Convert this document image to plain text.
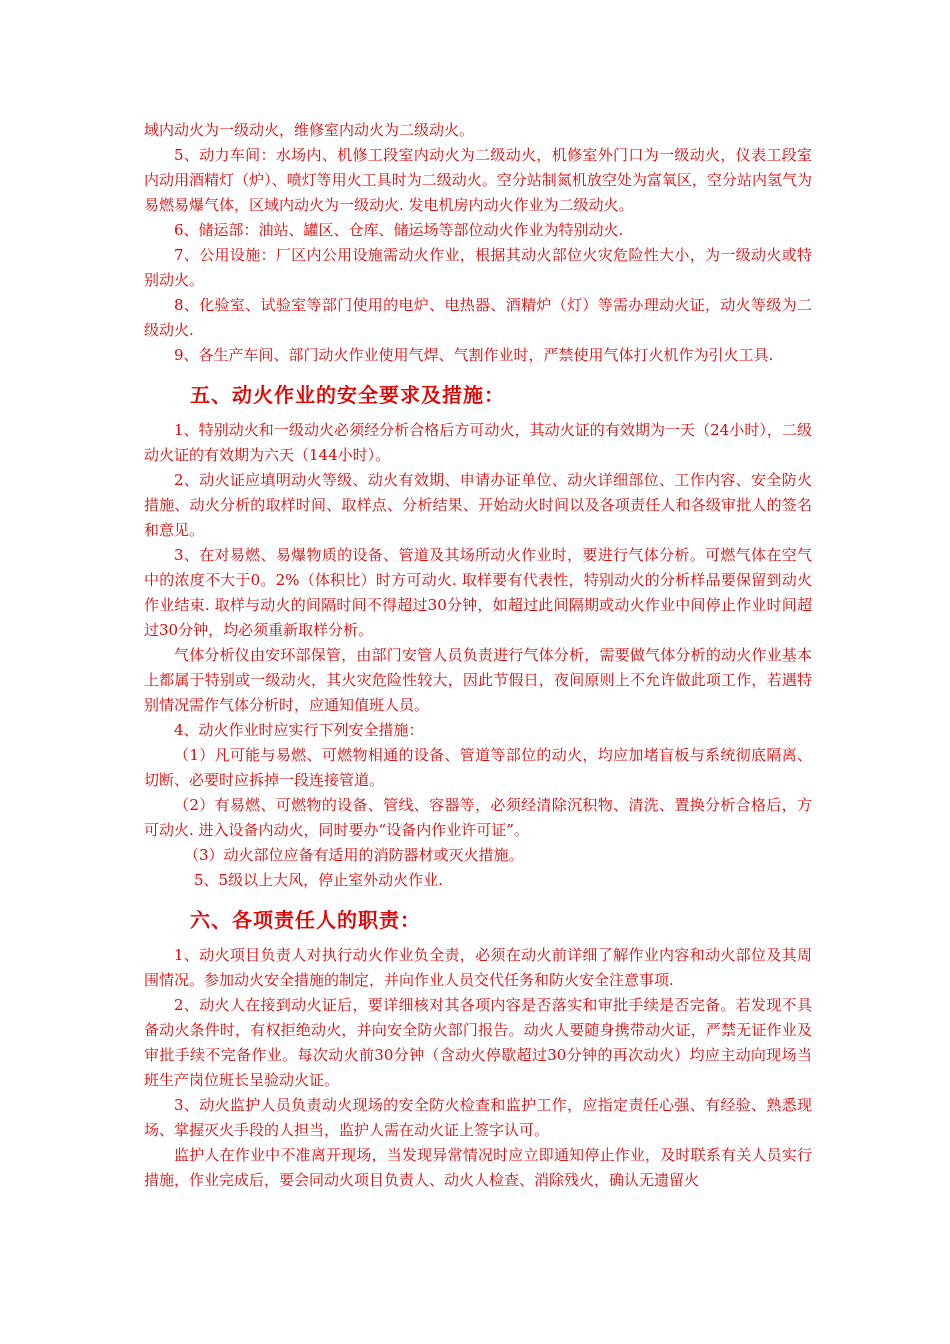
域内动火为一级动火，维修室内动火为二级动火。

5、动力车间：水场内、机修工段室内动火为二级动火，机修室外门口为一级动火，仪表工段室内动用酒精灯（炉）、喷灯等用火工具时为二级动火。空分站制氮机放空处为富氧区，空分站内氢气为易燃易爆气体，区域内动火为一级动火. 发电机房内动火作业为二级动火。

6、储运部：油站、罐区、仓库、储运场等部位动火作业为特别动火.

7、公用设施：厂区内公用设施需动火作业，根据其动火部位火灾危险性大小，为一级动火或特别动火。

8、化验室、试验室等部门使用的电炉、电热器、酒精炉（灯）等需办理动火证，动火等级为二级动火.

9、各生产车间、部门动火作业使用气焊、气割作业时，严禁使用气体打火机作为引火工具.

五、动火作业的安全要求及措施：

1、特别动火和一级动火必须经分析合格后方可动火，其动火证的有效期为一天（24小时），二级动火证的有效期为六天（144小时）。

2、动火证应填明动火等级、动火有效期、申请办证单位、动火详细部位、工作内容、安全防火措施、动火分析的取样时间、取样点、分析结果、开始动火时间以及各项责任人和各级审批人的签名和意见。

3、在对易燃、易爆物质的设备、管道及其场所动火作业时，要进行气体分析。可燃气体在空气中的浓度不大于0。2%（体积比）时方可动火. 取样要有代表性，特别动火的分析样品要保留到动火作业结束. 取样与动火的间隔时间不得超过30分钟，如超过此间隔期或动火作业中间停止作业时间超过30分钟，均必须重新取样分析。

气体分析仪由安环部保管，由部门安管人员负责进行气体分析，需要做气体分析的动火作业基本上都属于特别或一级动火，其火灾危险性较大，因此节假日，夜间原则上不允许做此项工作，若遇特别情况需作气体分析时，应通知值班人员。

4、动火作业时应实行下列安全措施：

（1）凡可能与易燃、可燃物相通的设备、管道等部位的动火，均应加堵盲板与系统彻底隔离、切断、必要时应拆掉一段连接管道。

（2）有易燃、可燃物的设备、管线、容器等，必须经清除沉积物、清洗、置换分析合格后，方可动火. 进入设备内动火，同时要办“设备内作业许可证”。

（3）动火部位应备有适用的消防器材或灭火措施。

5、5级以上大风，停止室外动火作业.

六、各项责任人的职责：

1、动火项目负责人对执行动火作业负全责，必须在动火前详细了解作业内容和动火部位及其周围情况。参加动火安全措施的制定，并向作业人员交代任务和防火安全注意事项.

2、动火人在接到动火证后，要详细核对其各项内容是否落实和审批手续是否完备。若发现不具备动火条件时，有权拒绝动火，并向安全防火部门报告。动火人要随身携带动火证，严禁无证作业及审批手续不完备作业。每次动火前30分钟（含动火停歇超过30分钟的再次动火）均应主动向现场当班生产岗位班长呈验动火证。

3、动火监护人员负责动火现场的安全防火检查和监护工作，应指定责任心强、有经验、熟悉现场、掌握灭火手段的人担当，监护人需在动火证上签字认可。

监护人在作业中不准离开现场，当发现异常情况时应立即通知停止作业，及时联系有关人员实行措施，作业完成后，要会同动火项目负责人、动火人检查、消除残火，确认无遗留火
